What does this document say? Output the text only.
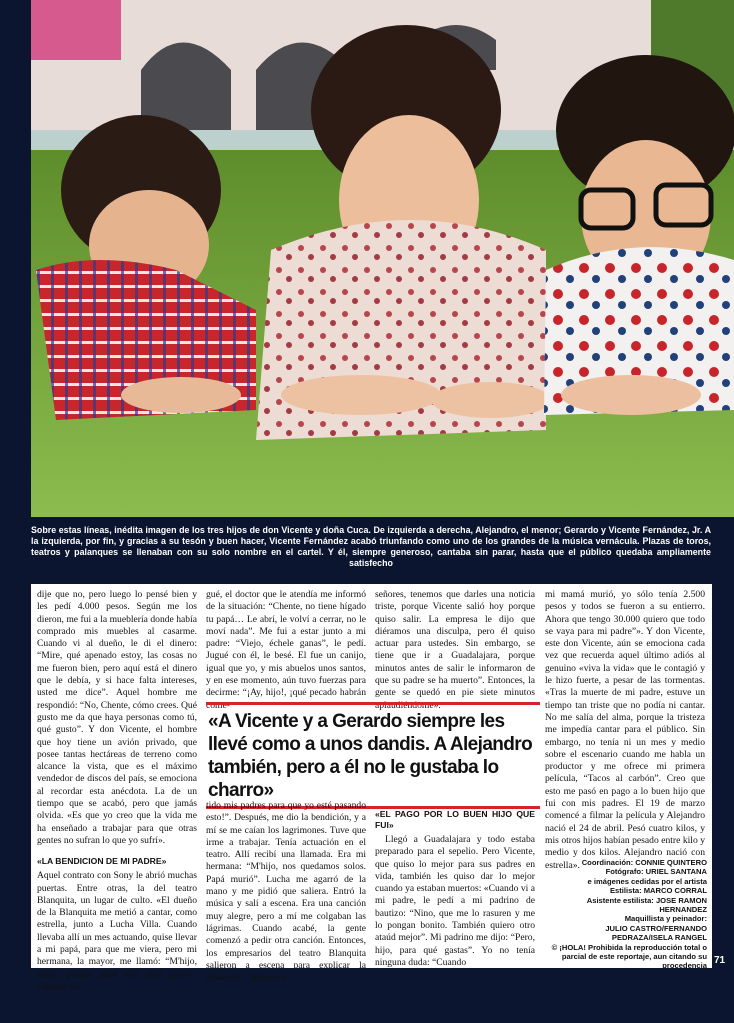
Sobre estas líneas, inédita imagen de los tres hijos de don Vicente y doña Cuca. De izquierda a derecha, Alejandro, el menor; Gerardo y Vicente Fernández, Jr. A la izquierda, por fin, y gracias a su tesón y buen hacer, Vicente Fernández acabó triunfando como uno de los grandes de la música vernácula. Plazas de toros, teatros y palanques se llenaban con su solo nombre en el cartel. Y él, siempre generoso, cantaba sin parar, hasta que el público quedaba ampliamente satisfecho

dije que no, pero luego lo pensé bien y les pedí 4.000 pesos. Según me los dieron, me fui a la mueblería donde había comprado mis muebles al casarme. Cuando vi al dueño, le di el dinero: “Mire, qué apenado estoy, las cosas no me fueron bien, pero aquí está el dinero que le debía, y si hace falta intereses, usted me dice”. Aquel hombre me respondió: “No, Chente, cómo crees. Qué gusto me da que haya personas como tú, qué gusto”. Y don Vicente, el hombre que hoy tiene un avión privado, que posee tantas hectáreas de terreno como alcance la vista, que es el máximo vendedor de discos del país, se emociona al recordar esta anécdota. La de un tiempo que se acabó, pero que jamás olvida. «Es que yo creo que la vida me ha enseñado a trabajar para que otras gentes no sufran lo que yo sufrí».

«LA BENDICION DE MI PADRE»

Aquel contrato con Sony le abrió muchas puertas. Entre otras, la del teatro Blanquita, un lugar de culto. «El dueño de la Blanquita me metió a cantar, como estrella, junto a Lucha Villa. Cuando llevaba allí un mes actuando, quise llevar a mi papá, para que me viera, pero mi hermana, la mayor, me llamó: “M'hijo, vente, porque papá está muy grave”. Cuando lle-

gué, el doctor que le atendía me informó de la situación: “Chente, no tiene hígado tu papá… Le abrí, le volví a cerrar, no le moví nada”. Me fui a estar junto a mi padre: “Viejo, échele ganas”, le pedí. Jugué con él, le besé. El fue un canijo, igual que yo, y mis abuelos unos santos, y en ese momento, aún tuvo fuerzas para decirme: “¡Ay, hijo!, ¡qué pecado habrán come-

señores, tenemos que darles una noticia triste, porque Vicente salió hoy porque quiso salir. La empresa le dijo que diéramos una disculpa, pero él quiso actuar para ustedes. Sin embargo, se tiene que ir a Guadalajara, porque minutos antes de salir le informaron de que su padre se ha muerto”. Entonces, la gente se quedó en pie siete minutos aplaudiéndome».

«A Vicente y a Gerardo siempre les llevé como a unos dandis. A Alejandro también, pero a él no le gustaba lo charro»

tido mis padres para que yo esté pasando esto!”. Después, me dio la bendición, y a mí se me caían los lagrimones. Tuve que irme a trabajar. Tenía actuación en el teatro. Allí recibí una llamada. Era mi hermana: “M'hijo, nos quedamos solos. Papá murió”. Lucha me agarró de la mano y me pidió que saliera. Entró la música y salí a escena. Era una canción muy alegre, pero a mí me colgaban las lágrimas. Cuando acabé, la gente comenzó a pedir otra canción. Entonces, los empresarios del teatro Blanquita salieron a escena para explicar la situación: “Señoras y

«EL PAGO POR LO BUEN HIJO QUE FUI»

Llegó a Guadalajara y todo estaba preparado para el sepelio. Pero Vicente, que quiso lo mejor para sus padres en vida, también les quiso dar lo mejor cuando ya estaban muertos: «Cuando vi a mi padre, le pedí a mi padrino de bautizo: “Nino, que me lo rasuren y me lo pongan bonito. También quiero otro ataúd mejor”. Mi padrino me dijo: “Pero, hijo, para qué gastas”. Yo no tenía ninguna duda: “Cuando

mi mamá murió, yo sólo tenía 2.500 pesos y todos se fueron a su entierro. Ahora que tengo 30.000 quiero que todo se vaya para mi padre”». Y don Vicente, este don Vicente, aún se emociona cada vez que recuerda aquel último adiós al genuino «viva la vida» que le contagió y le hizo fuerte, a pesar de las tormentas. «Tras la muerte de mi padre, estuve un tiempo tan triste que no podía ni cantar. No me salía del alma, porque la tristeza me impedía cantar para el público. Sin embargo, no tenía ni un mes y medio sobre el escenario cuando me habla un productor y me ofrece mi primera película, “Tacos al carbón”. Creo que esto me pasó en pago a lo buen hijo que fui con mis padres. El 19 de marzo comencé a filmar la película y Alejandro nació el 24 de abril. Pesó cuatro kilos, y mis otros hijos habían pesado entre kilo y medio y dos kilos. Alejandro nació con estrella». Coordinación: CONNIE QUINTERO
Fotógrafo: URIEL SANTANA
e imágenes cedidas por el artista
Estilista: MARCO CORRAL
Asistente estilista: JOSE RAMON HERNANDEZ
Maquillista y peinador:
JULIO CASTRO/FERNANDO PEDRAZA/ISELA RANGEL
© ¡HOLA! Prohibida la reproducción total o parcial de este reportaje, aun citando su procedencia 71
